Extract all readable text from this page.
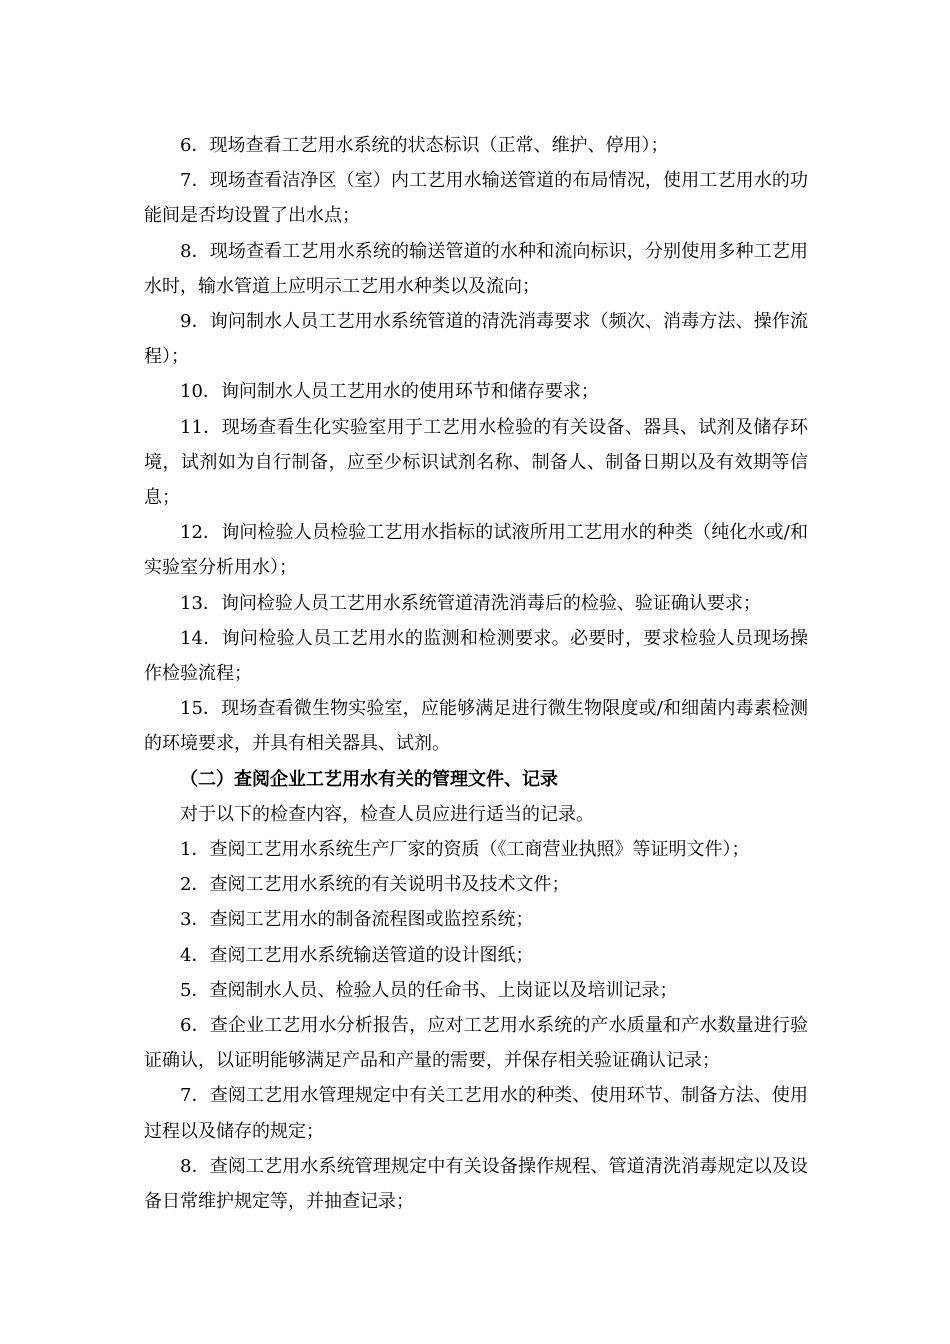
6．现场查看工艺用水系统的状态标识（正常、维护、停用）；

7．现场查看洁净区（室）内工艺用水输送管道的布局情况，使用工艺用水的功能间是否均设置了出水点；

8．现场查看工艺用水系统的输送管道的水种和流向标识，分别使用多种工艺用水时，输水管道上应明示工艺用水种类以及流向；

9．询问制水人员工艺用水系统管道的清洗消毒要求（频次、消毒方法、操作流程）；

10．询问制水人员工艺用水的使用环节和储存要求；

11．现场查看生化实验室用于工艺用水检验的有关设备、器具、试剂及储存环境，试剂如为自行制备，应至少标识试剂名称、制备人、制备日期以及有效期等信息；

12．询问检验人员检验工艺用水指标的试液所用工艺用水的种类（纯化水或/和实验室分析用水）；

13．询问检验人员工艺用水系统管道清洗消毒后的检验、验证确认要求；

14．询问检验人员工艺用水的监测和检测要求。必要时，要求检验人员现场操作检验流程；

15．现场查看微生物实验室，应能够满足进行微生物限度或/和细菌内毒素检测的环境要求，并具有相关器具、试剂。

（二）查阅企业工艺用水有关的管理文件、记录

对于以下的检查内容，检查人员应进行适当的记录。

1．查阅工艺用水系统生产厂家的资质（《工商营业执照》等证明文件）；

2．查阅工艺用水系统的有关说明书及技术文件；

3．查阅工艺用水的制备流程图或监控系统；

4．查阅工艺用水系统输送管道的设计图纸；

5．查阅制水人员、检验人员的任命书、上岗证以及培训记录；

6．查企业工艺用水分析报告，应对工艺用水系统的产水质量和产水数量进行验证确认，以证明能够满足产品和产量的需要，并保存相关验证确认记录；

7．查阅工艺用水管理规定中有关工艺用水的种类、使用环节、制备方法、使用过程以及储存的规定；

8．查阅工艺用水系统管理规定中有关设备操作规程、管道清洗消毒规定以及设备日常维护规定等，并抽查记录；
